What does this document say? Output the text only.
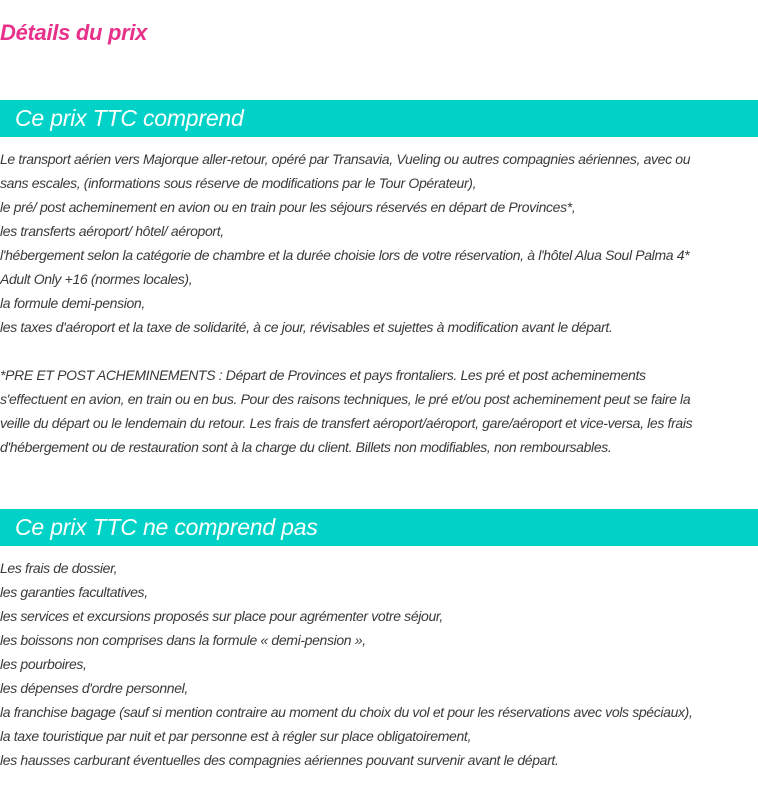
Détails du prix
Ce prix TTC comprend

Le transport aérien vers Majorque aller-retour, opéré par Transavia, Vueling ou autres compagnies aériennes, avec ou

sans escales, (informations sous réserve de modifications par le Tour Opérateur),

le pré/ post acheminement en avion ou en train pour les séjours réservés en départ de Provinces*,

les transferts aéroport/ hôtel/ aéroport,

l'hébergement selon la catégorie de chambre et la durée choisie lors de votre réservation, à l'hôtel Alua Soul Palma 4*

Adult Only +16 (normes locales),

la formule demi-pension,

les taxes d'aéroport et la taxe de solidarité, à ce jour, révisables et sujettes à modification avant le départ.

*PRE ET POST ACHEMINEMENTS : Départ de Provinces et pays frontaliers. Les pré et post acheminements

s'effectuent en avion, en train ou en bus. Pour des raisons techniques, le pré et/ou post acheminement peut se faire la

veille du départ ou le lendemain du retour. Les frais de transfert aéroport/aéroport, gare/aéroport et vice-versa, les frais

d'hébergement ou de restauration sont à la charge du client. Billets non modifiables, non remboursables.

Ce prix TTC ne comprend pas

Les frais de dossier,

les garanties facultatives,

les services et excursions proposés sur place pour agrémenter votre séjour,

les boissons non comprises dans la formule « demi-pension »,

les pourboires,

les dépenses d'ordre personnel,

la franchise bagage (sauf si mention contraire au moment du choix du vol et pour les réservations avec vols spéciaux),

la taxe touristique par nuit et par personne est à régler sur place obligatoirement,

les hausses carburant éventuelles des compagnies aériennes pouvant survenir avant le départ.
